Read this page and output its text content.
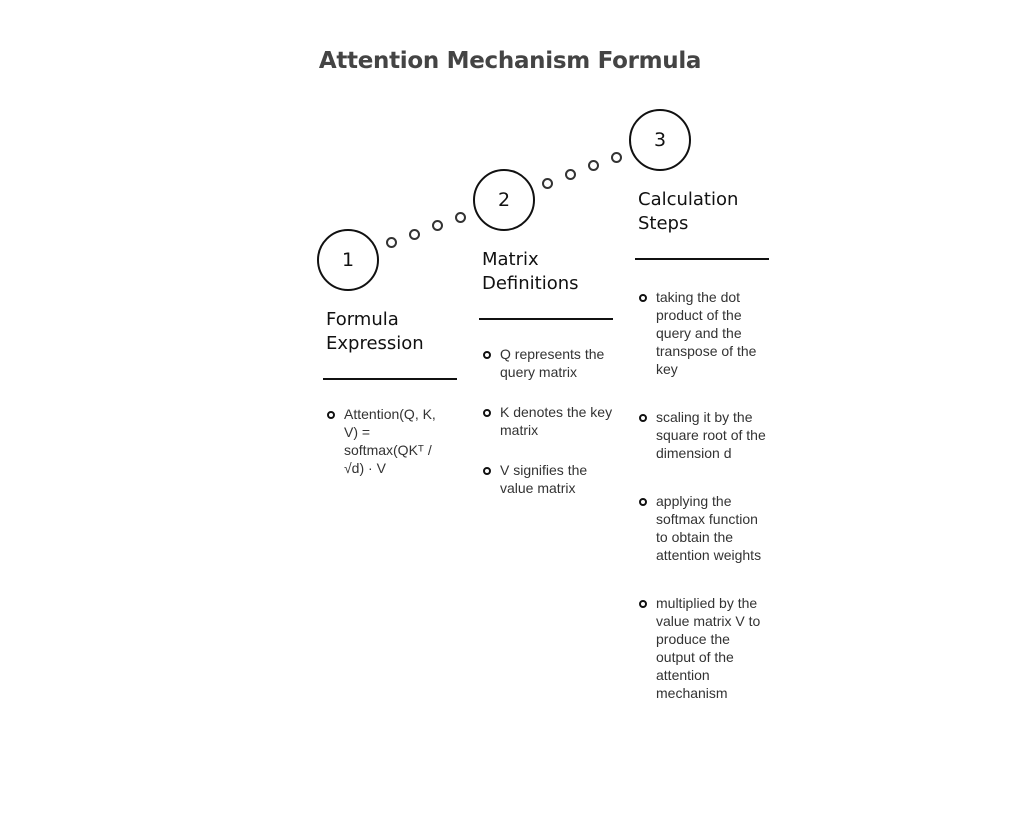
Attention Mechanism Formula
1
Formula Expression
Attention(Q, K, V) = softmax(QKᵀ / √d) · V
2
Matrix Definitions
Q represents the query matrix
K denotes the key matrix
V signifies the value matrix
3
Calculation Steps
taking the dot product of the query and the transpose of the key
scaling it by the square root of the dimension d
applying the softmax function to obtain the attention weights
multiplied by the value matrix V to produce the output of the attention mechanism
